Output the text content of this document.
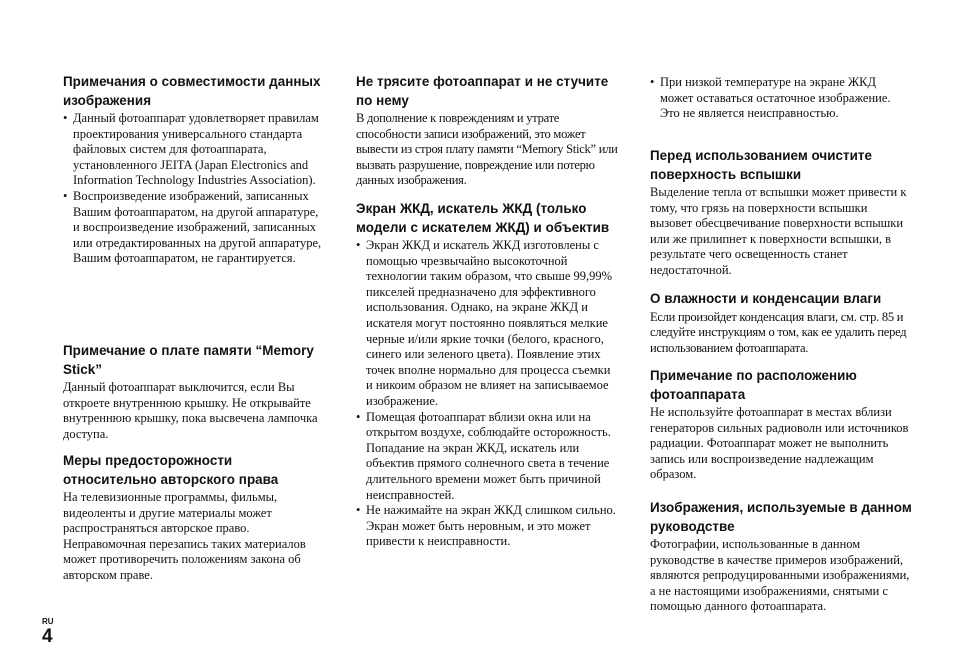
Примечания о совместимости данных изображения
• Данный фотоаппарат удовлетворяет правилам проектирования универсального стандарта файловых систем для фотоаппарата, установленного JEITA (Japan Electronics and Information Technology Industries Association).
• Воспроизведение изображений, записанных Вашим фотоаппаратом, на другой аппаратуре, и воспроизведение изображений, записанных или отредактированных на другой аппаратуре, Вашим фотоаппаратом, не гарантируется.
Примечание о плате памяти “Memory Stick”

Данный фотоаппарат выключится, если Вы откроете внутреннюю крышку. Не открывайте внутреннюю крышку, пока высвечена лампочка доступа.

Меры предосторожности относительно авторского права

На телевизионные программы, фильмы, видеоленты и другие материалы может распространяться авторское право. Неправомочная перезапись таких материалов может противоречить положениям закона об авторском праве.

Не трясите фотоаппарат и не стучите по нему

В дополнение к повреждениям и утрате способности записи изображений, это может вывести из строя плату памяти “Memory Stick” или вызвать разрушение, повреждение или потерю данных изображения.

Экран ЖКД, искатель ЖКД (только модели с искателем ЖКД) и объектив
• Экран ЖКД и искатель ЖКД изготовлены с помощью чрезвычайно высокоточной технологии таким образом, что свыше 99,99% пикселей предназначено для эффективного использования. Однако, на экране ЖКД и искателя могут постоянно появляться мелкие черные и/или яркие точки (белого, красного, синего или зеленого цвета). Появление этих точек вполне нормально для процесса съемки и никоим образом не влияет на записываемое изображение.
• Помещая фотоаппарат вблизи окна или на открытом воздухе, соблюдайте осторожность. Попадание на экран ЖКД, искатель или объектив прямого солнечного света в течение длительного времени может быть причиной неисправностей.
• Не нажимайте на экран ЖКД слишком сильно. Экран может быть неровным, и это может привести к неисправности.
• При низкой температуре на экране ЖКД может оставаться остаточное изображение. Это не является неисправностью.
Перед использованием очистите поверхность вспышки

Выделение тепла от вспышки может привести к тому, что грязь на поверхности вспышки вызовет обесцвечивание поверхности вспышки или же прилипнет к поверхности вспышки, в результате чего освещенность станет недостаточной.

О влажности и конденсации влаги

Если произойдет конденсация влаги, см. стр. 85 и следуйте инструкциям о том, как ее удалить перед использованием фотоаппарата.

Примечание по расположению фотоаппарата

Не используйте фотоаппарат в местах вблизи генераторов сильных радиоволн или источников радиации. Фотоаппарат может не выполнить запись или воспроизведение надлежащим образом.

Изображения, используемые в данном руководстве

Фотографии, использованные в данном руководстве в качестве примеров изображений, являются репродуцированными изображениями, а не настоящими изображениями, снятыми с помощью данного фотоаппарата.

RU
4
